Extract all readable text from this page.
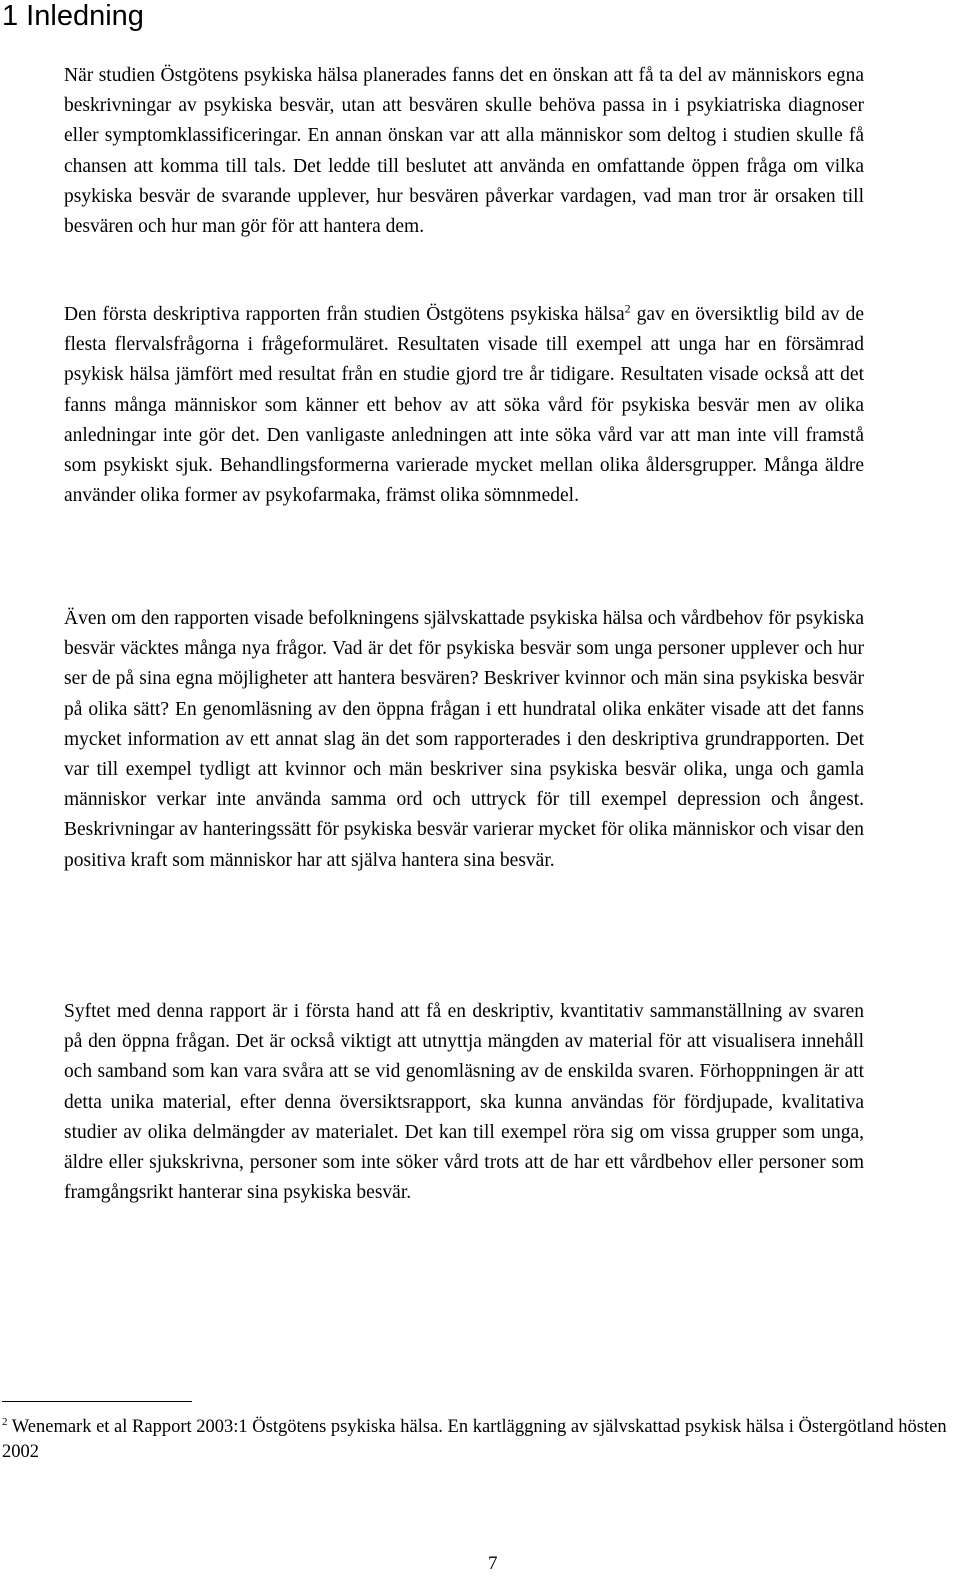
1 Inledning

När studien Östgötens psykiska hälsa planerades fanns det en önskan att få ta del av människors egna beskrivningar av psykiska besvär, utan att besvären skulle behöva passa in i psykiatriska diagnoser eller symptomklassificeringar. En annan önskan var att alla människor som deltog i studien skulle få chansen att komma till tals. Det ledde till beslutet att använda en omfattande öppen fråga om vilka psykiska besvär de svarande upplever, hur besvären påverkar vardagen, vad man tror är orsaken till besvären och hur man gör för att hantera dem.

Den första deskriptiva rapporten från studien Östgötens psykiska hälsa$^2$ gav en översiktlig bild av de flesta flervalsfrågorna i frågeformuläret. Resultaten visade till exempel att unga har en försämrad psykisk hälsa jämfört med resultat från en studie gjord tre år tidigare. Resultaten visade också att det fanns många människor som känner ett behov av att söka vård för psykiska besvär men av olika anledningar inte gör det. Den vanligaste anledningen att inte söka vård var att man inte vill framstå som psykiskt sjuk. Behandlingsformerna varierade mycket mellan olika åldersgrupper. Många äldre använder olika former av psykofarmaka, främst olika sömnmedel.

Även om den rapporten visade befolkningens självskattade psykiska hälsa och vårdbehov för psykiska besvär väcktes många nya frågor. Vad är det för psykiska besvär som unga personer upplever och hur ser de på sina egna möjligheter att hantera besvären? Beskriver kvinnor och män sina psykiska besvär på olika sätt? En genomläsning av den öppna frågan i ett hundratal olika enkäter visade att det fanns mycket information av ett annat slag än det som rapporterades i den deskriptiva grundrapporten. Det var till exempel tydligt att kvinnor och män beskriver sina psykiska besvär olika, unga och gamla människor verkar inte använda samma ord och uttryck för till exempel depression och ångest. Beskrivningar av hanteringssätt för psykiska besvär varierar mycket för olika människor och visar den positiva kraft som människor har att själva hantera sina besvär.

Syftet med denna rapport är i första hand att få en deskriptiv, kvantitativ sammanställning av svaren på den öppna frågan. Det är också viktigt att utnyttja mängden av material för att visualisera innehåll och samband som kan vara svåra att se vid genomläsning av de enskilda svaren. Förhoppningen är att detta unika material, efter denna översiktsrapport, ska kunna användas för fördjupade, kvalitativa studier av olika delmängder av materialet. Det kan till exempel röra sig om vissa grupper som unga, äldre eller sjukskrivna, personer som inte söker vård trots att de har ett vårdbehov eller personer som framgångsrikt hanterar sina psykiska besvär.

$^2$ Wenemark et al Rapport 2003:1 Östgötens psykiska hälsa. En kartläggning av självskattad psykisk hälsa i Östergötland hösten 2002

7
